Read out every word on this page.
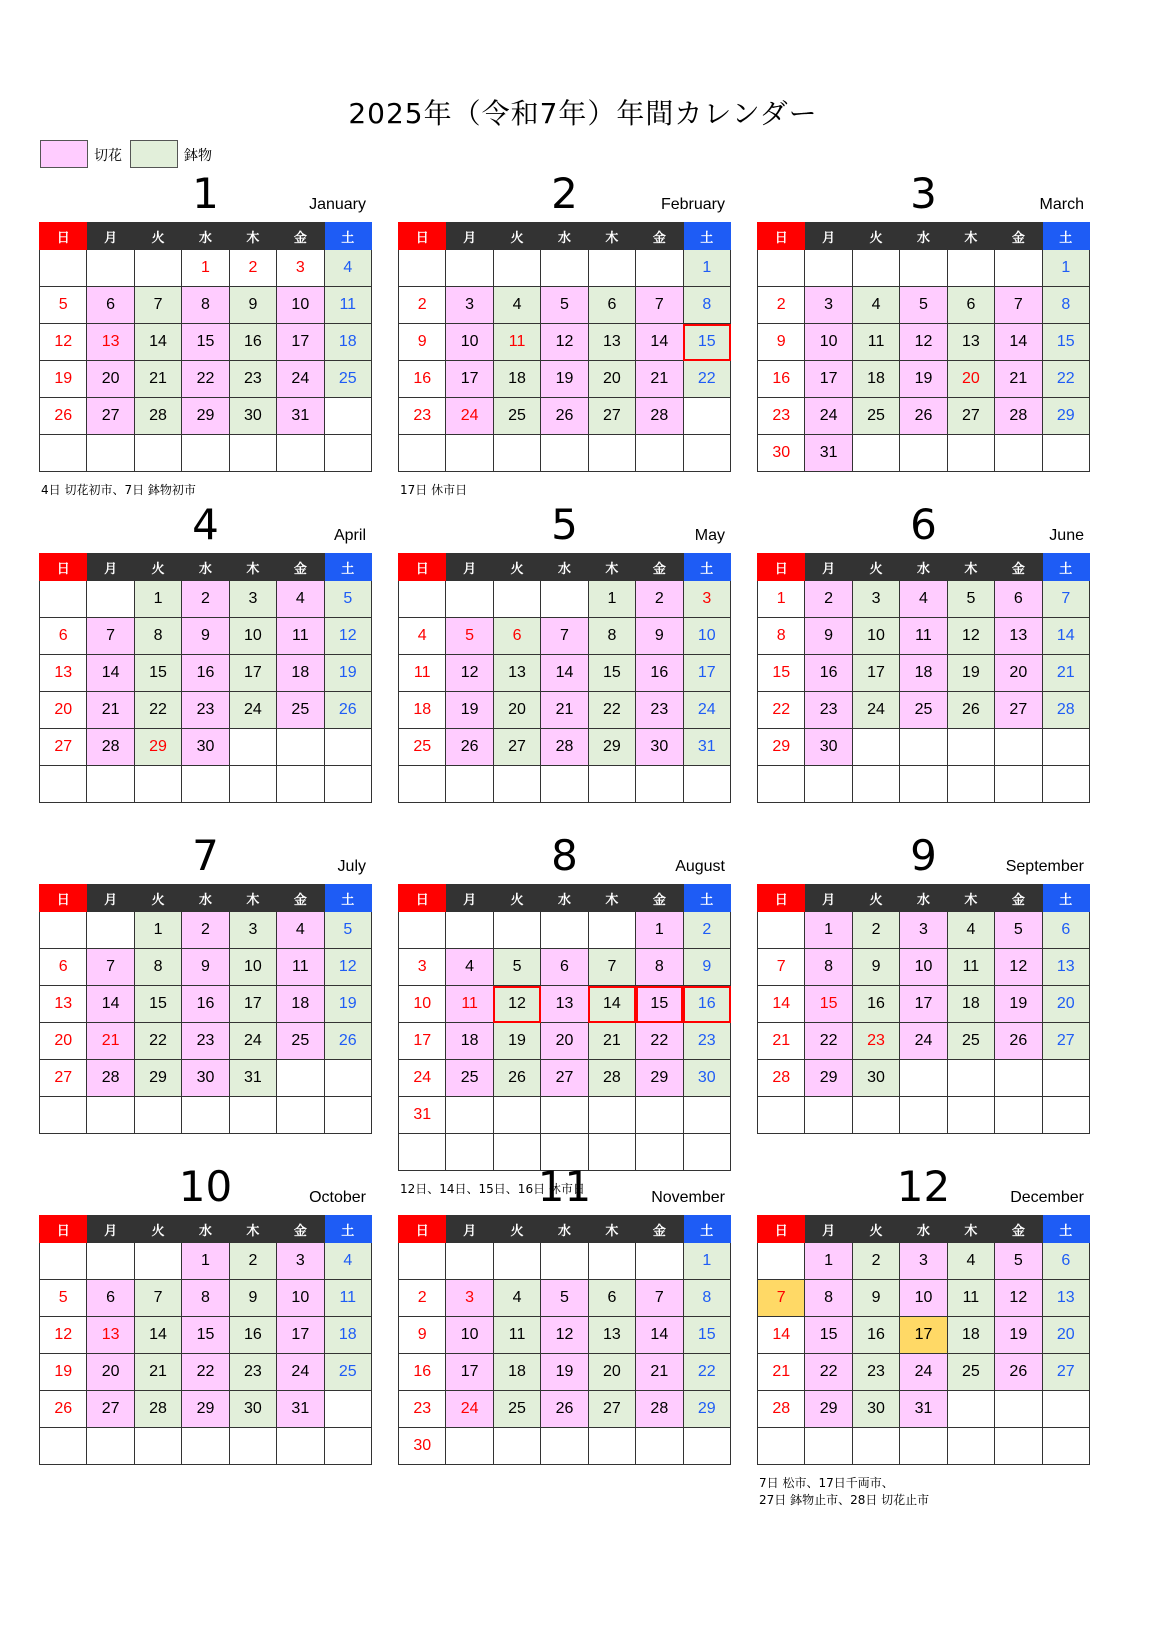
2025年（令和7年）年間カレンダー
切花	鉢物
1	January
日	月	火	水	木	金	土
			1	2	3	4
5	6	7	8	9	10	11
12	13	14	15	16	17	18
19	20	21	22	23	24	25
26	27	28	29	30	31	

4日 切花初市、7日 鉢物初市
2	February
日	月	火	水	木	金	土
						1
2	3	4	5	6	7	8
9	10	11	12	13	14	15
16	17	18	19	20	21	22
23	24	25	26	27	28	

17日 休市日
3	March
日	月	火	水	木	金	土
						1
2	3	4	5	6	7	8
9	10	11	12	13	14	15
16	17	18	19	20	21	22
23	24	25	26	27	28	29
30	31					
4	April
日	月	火	水	木	金	土
		1	2	3	4	5
6	7	8	9	10	11	12
13	14	15	16	17	18	19
20	21	22	23	24	25	26
27	28	29	30			

5	May
日	月	火	水	木	金	土
				1	2	3
4	5	6	7	8	9	10
11	12	13	14	15	16	17
18	19	20	21	22	23	24
25	26	27	28	29	30	31

6	June
日	月	火	水	木	金	土
1	2	3	4	5	6	7
8	9	10	11	12	13	14
15	16	17	18	19	20	21
22	23	24	25	26	27	28
29	30					

7	July
日	月	火	水	木	金	土
		1	2	3	4	5
6	7	8	9	10	11	12
13	14	15	16	17	18	19
20	21	22	23	24	25	26
27	28	29	30	31		

8	August
日	月	火	水	木	金	土
					1	2
3	4	5	6	7	8	9
10	11	12	13	14	15	16
17	18	19	20	21	22	23
24	25	26	27	28	29	30
31						

12日、14日、15日、16日 休市日
9	September
日	月	火	水	木	金	土
	1	2	3	4	5	6
7	8	9	10	11	12	13
14	15	16	17	18	19	20
21	22	23	24	25	26	27
28	29	30				

10	October
日	月	火	水	木	金	土
			1	2	3	4
5	6	7	8	9	10	11
12	13	14	15	16	17	18
19	20	21	22	23	24	25
26	27	28	29	30	31	

11	November
日	月	火	水	木	金	土
						1
2	3	4	5	6	7	8
9	10	11	12	13	14	15
16	17	18	19	20	21	22
23	24	25	26	27	28	29
30						
12	December
日	月	火	水	木	金	土
	1	2	3	4	5	6
7	8	9	10	11	12	13
14	15	16	17	18	19	20
21	22	23	24	25	26	27
28	29	30	31			

7日 松市、17日千両市、
27日 鉢物止市、28日 切花止市
